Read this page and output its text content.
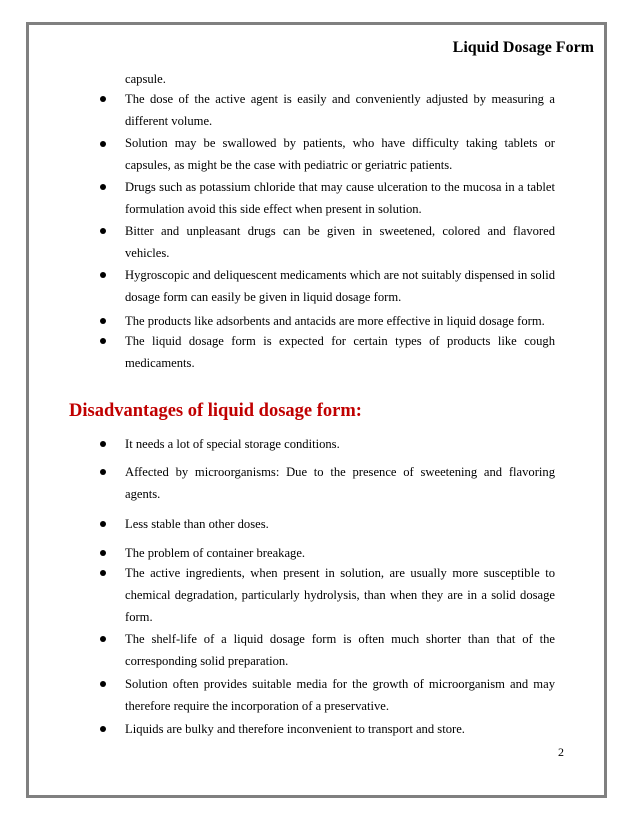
Liquid Dosage Form

capsule.

The dose of the active agent is easily and conveniently adjusted by measuring a different volume.

Solution may be swallowed by patients, who have difficulty taking tablets or capsules, as might be the case with pediatric or geriatric patients.

Drugs such as potassium chloride that may cause ulceration to the mucosa in a tablet formulation avoid this side effect when present in solution.

Bitter and unpleasant drugs can be given in sweetened, colored and flavored vehicles.

Hygroscopic and deliquescent medicaments which are not suitably dispensed in solid dosage form can easily be given in liquid dosage form.

The products like adsorbents and antacids are more effective in liquid dosage form.

The liquid dosage form is expected for certain types of products like cough medicaments.

Disadvantages of liquid dosage form:

It needs a lot of special storage conditions.

Affected by microorganisms: Due to the presence of sweetening and flavoring agents.

Less stable than other doses.

The problem of container breakage.

The active ingredients, when present in solution, are usually more susceptible to chemical degradation, particularly hydrolysis, than when they are in a solid dosage form.

The shelf-life of a liquid dosage form is often much shorter than that of the corresponding solid preparation.

Solution often provides suitable media for the growth of microorganism and may therefore require the incorporation of a preservative.

Liquids are bulky and therefore inconvenient to transport and store.

2
